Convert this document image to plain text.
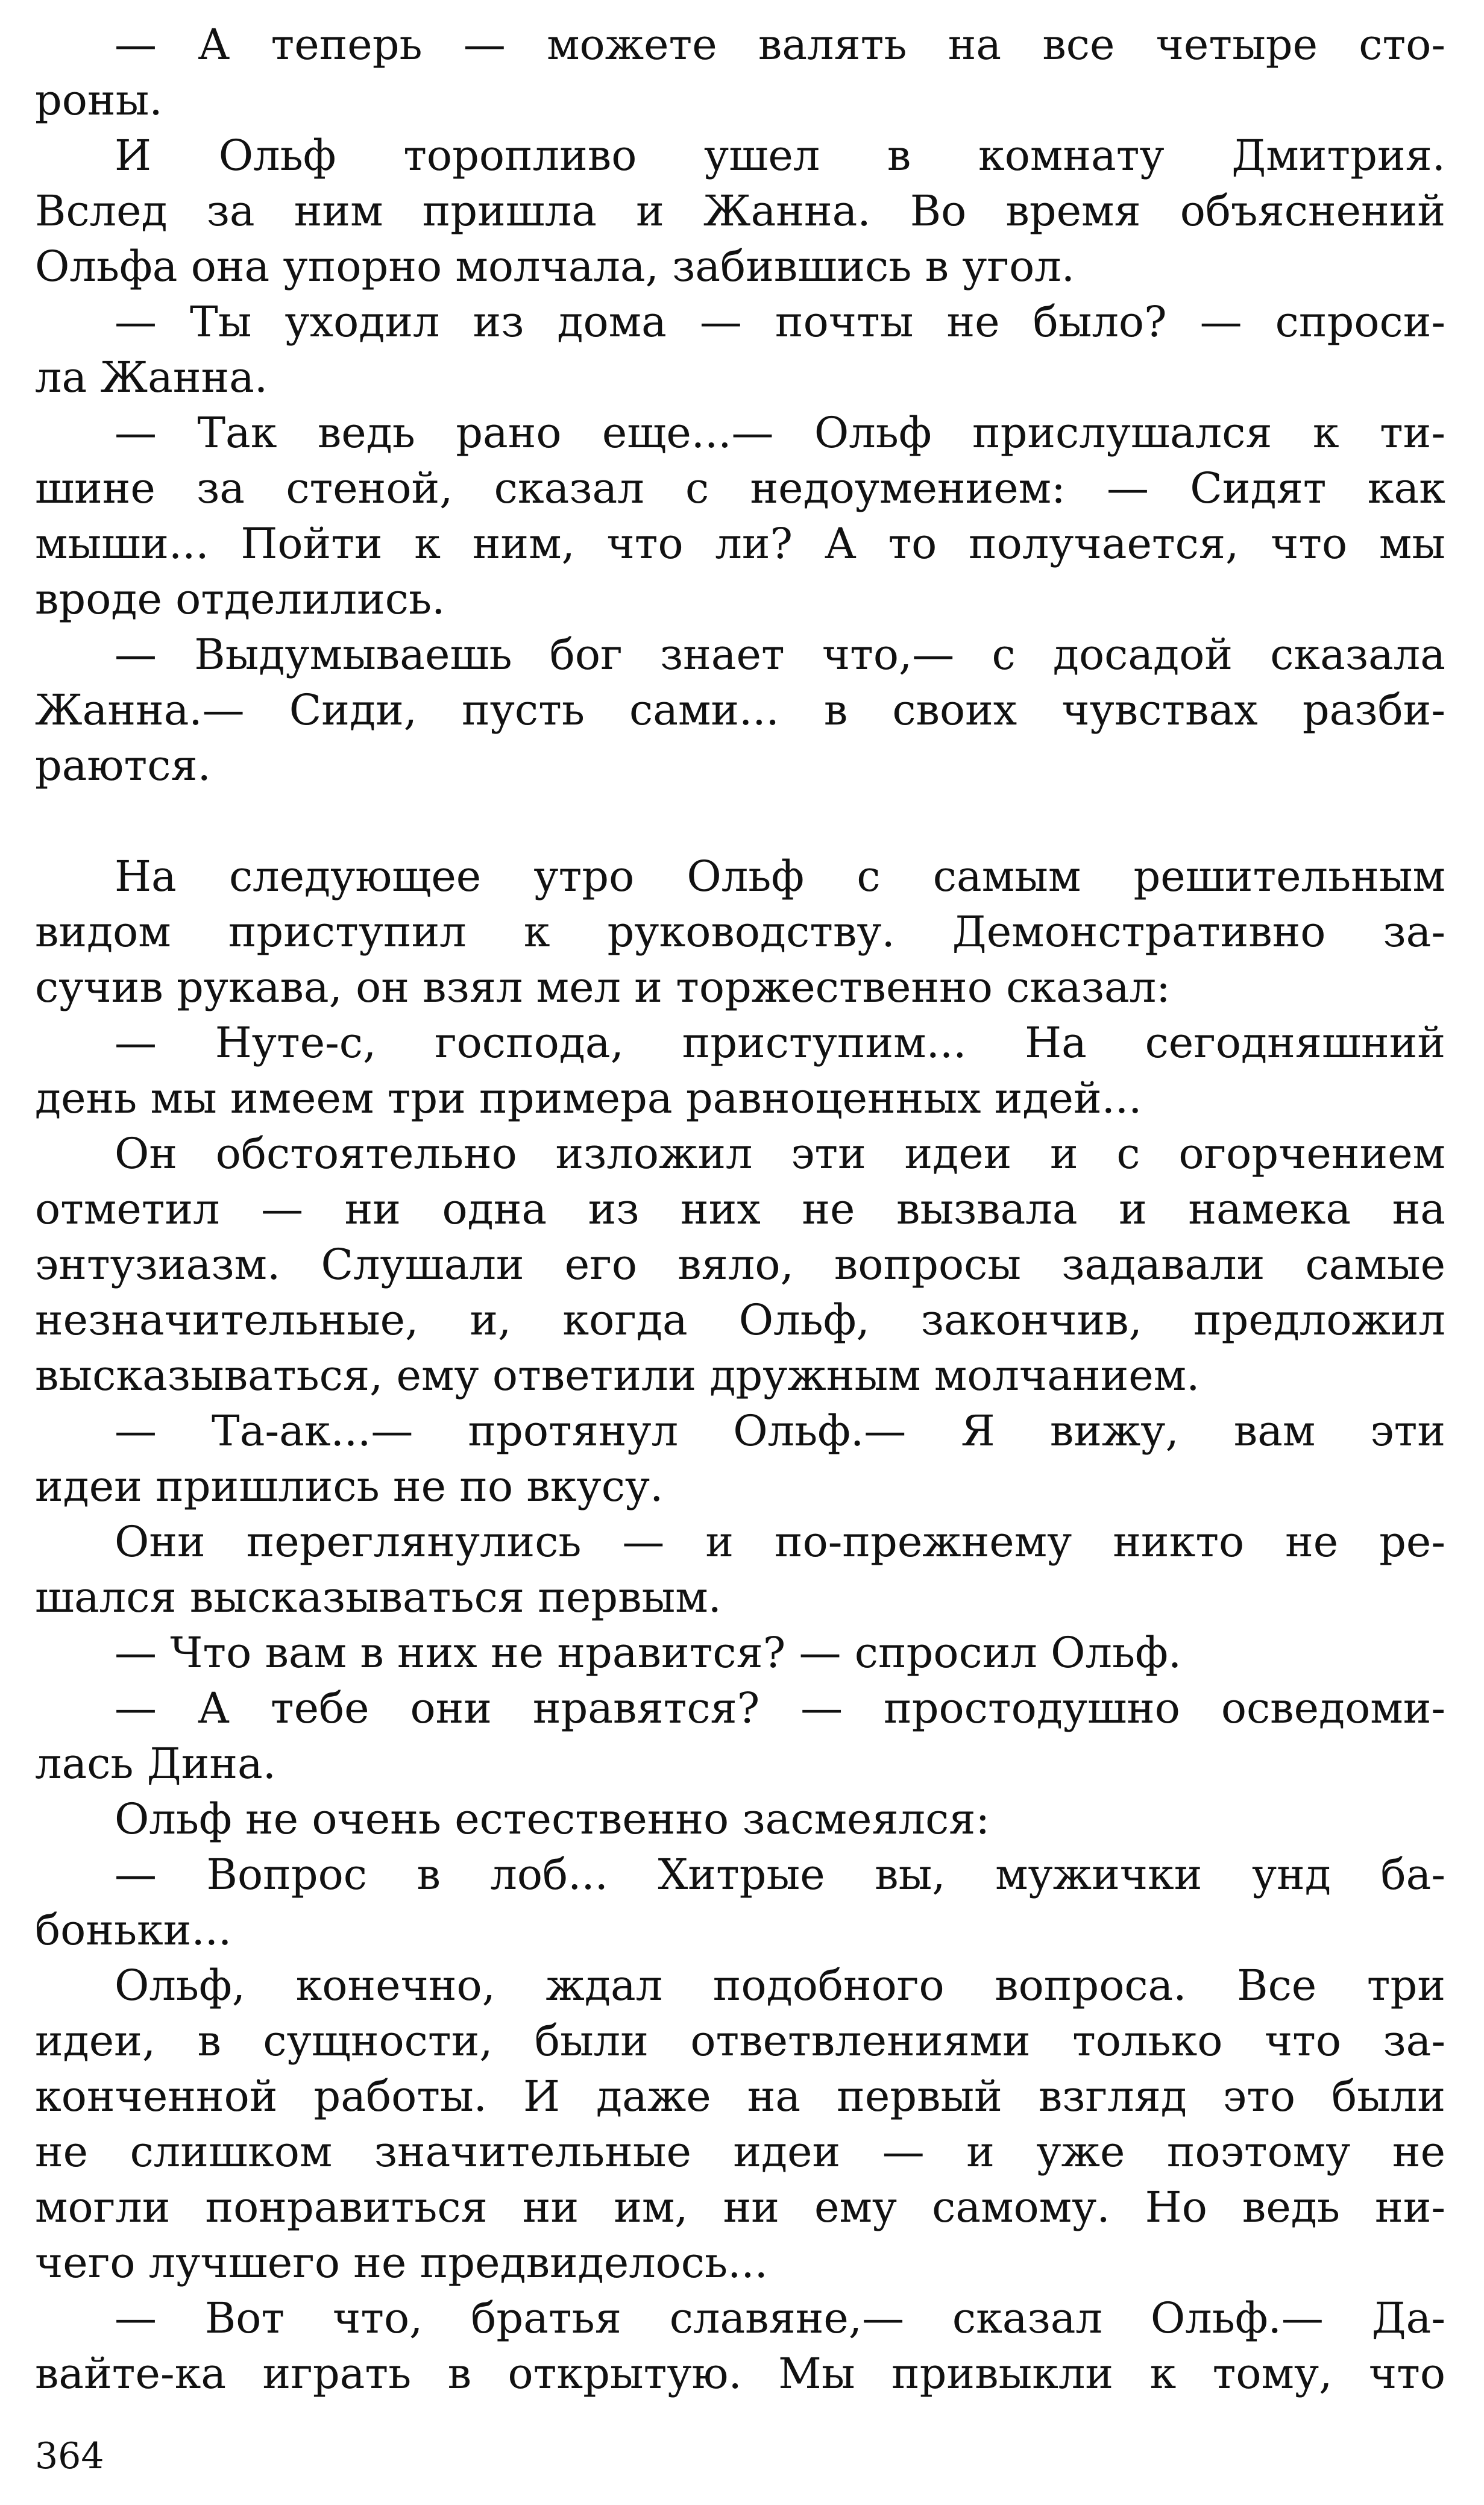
— А теперь — можете валять на все четыре сто-
роны.
И Ольф торопливо ушел в комнату Дмитрия.
Вслед за ним пришла и Жанна. Во время объяснений
Ольфа она упорно молчала, забившись в угол.
— Ты уходил из дома — почты не было? — спроси-
ла Жанна.
— Так ведь рано еще...— Ольф прислушался к ти-
шине за стеной, сказал с недоумением: — Сидят как
мыши... Пойти к ним, что ли? А то получается, что мы
вроде отделились.
— Выдумываешь бог знает что,— с досадой сказала
Жанна.— Сиди, пусть сами... в своих чувствах разби-
раются.
На следующее утро Ольф с самым решительным
видом приступил к руководству. Демонстративно за-
сучив рукава, он взял мел и торжественно сказал:
— Нуте-с, господа, приступим... На сегодняшний
день мы имеем три примера равноценных идей...
Он обстоятельно изложил эти идеи и с огорчением
отметил — ни одна из них не вызвала и намека на
энтузиазм. Слушали его вяло, вопросы задавали самые
незначительные, и, когда Ольф, закончив, предложил
высказываться, ему ответили дружным молчанием.
— Та-ак...— протянул Ольф.— Я вижу, вам эти
идеи пришлись не по вкусу.
Они переглянулись — и по-прежнему никто не ре-
шался высказываться первым.
— Что вам в них не нравится? — спросил Ольф.
— А тебе они нравятся? — простодушно осведоми-
лась Дина.
Ольф не очень естественно засмеялся:
— Вопрос в лоб... Хитрые вы, мужички унд ба-
боньки...
Ольф, конечно, ждал подобного вопроса. Все три
идеи, в сущности, были ответвлениями только что за-
конченной работы. И даже на первый взгляд это были
не слишком значительные идеи — и уже поэтому не
могли понравиться ни им, ни ему самому. Но ведь ни-
чего лучшего не предвиделось...
— Вот что, братья славяне,— сказал Ольф.— Да-
вайте-ка играть в открытую. Мы привыкли к тому, что
364
